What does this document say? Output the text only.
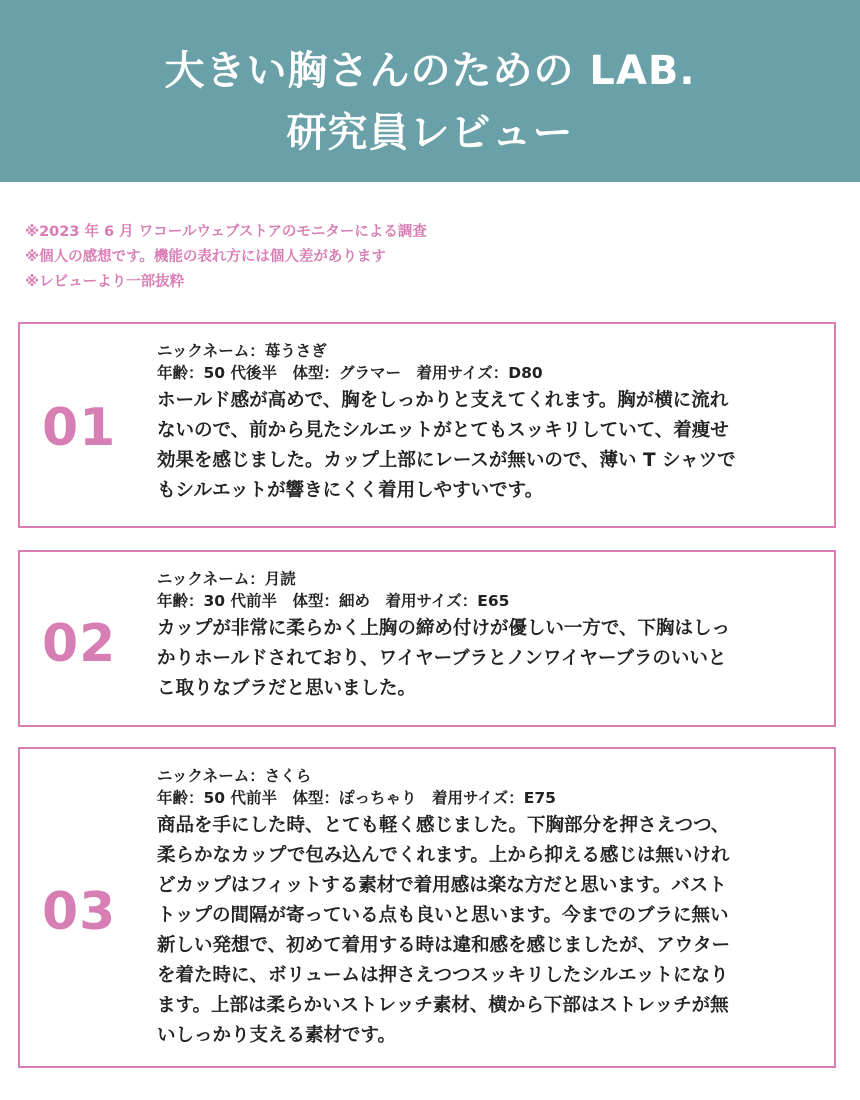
大きい胸さんのための LAB.
研究員レビュー
※2023 年 6 月 ワコールウェブストアのモニターによる調査
※個人の感想です。機能の表れ方には個人差があります
※レビューより一部抜粋
01
ニックネーム：苺うさぎ
年齢：50 代後半　体型：グラマー　着用サイズ：D80
ホールド感が高めで、胸をしっかりと支えてくれます。胸が横に流れ
ないので、前から見たシルエットがとてもスッキリしていて、着痩せ
効果を感じました。カップ上部にレースが無いので、薄い T シャツで
もシルエットが響きにくく着用しやすいです。
02
ニックネーム：月読
年齢：30 代前半　体型：細め　着用サイズ：E65
カップが非常に柔らかく上胸の締め付けが優しい一方で、下胸はしっ
かりホールドされており、ワイヤーブラとノンワイヤーブラのいいと
こ取りなブラだと思いました。
03
ニックネーム：さくら
年齢：50 代前半　体型：ぽっちゃり　着用サイズ：E75
商品を手にした時、とても軽く感じました。下胸部分を押さえつつ、
柔らかなカップで包み込んでくれます。上から抑える感じは無いけれ
どカップはフィットする素材で着用感は楽な方だと思います。バスト
トップの間隔が寄っている点も良いと思います。今までのブラに無い
新しい発想で、初めて着用する時は違和感を感じましたが、アウター
を着た時に、ボリュームは押さえつつスッキリしたシルエットになり
ます。上部は柔らかいストレッチ素材、横から下部はストレッチが無
いしっかり支える素材です。
